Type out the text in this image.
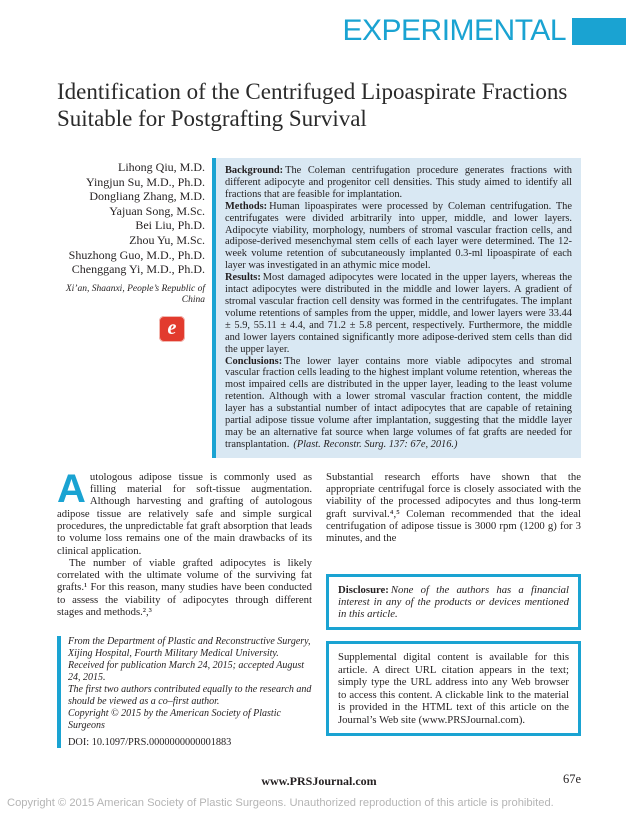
EXPERIMENTAL
Identification of the Centrifuged Lipoaspirate Fractions Suitable for Postgrafting Survival
Lihong Qiu, M.D.
Yingjun Su, M.D., Ph.D.
Dongliang Zhang, M.D.
Yajuan Song, M.Sc.
Bei Liu, Ph.D.
Zhou Yu, M.Sc.
Shuzhong Guo, M.D., Ph.D.
Chenggang Yi, M.D., Ph.D.
Xi’an, Shaanxi, People’s Republic of China
e

Background: The Coleman centrifugation procedure generates fractions with different adipocyte and progenitor cell densities. This study aimed to identify all fractions that are feasible for implantation.

Methods: Human lipoaspirates were processed by Coleman centrifugation. The centrifugates were divided arbitrarily into upper, middle, and lower layers. Adipocyte viability, morphology, numbers of stromal vascular fraction cells, and adipose-derived mesenchymal stem cells of each layer were determined. The 12-week volume retention of subcutaneously implanted 0.3-ml lipoaspirate of each layer was investigated in an athymic mice model.

Results: Most damaged adipocytes were located in the upper layers, whereas the intact adipocytes were distributed in the middle and lower layers. A gradient of stromal vascular fraction cell density was formed in the centrifugates. The implant volume retentions of samples from the upper, middle, and lower layers were 33.44 ± 5.9, 55.11 ± 4.4, and 71.2 ± 5.8 percent, respectively. Furthermore, the middle and lower layers contained significantly more adipose-derived stem cells than did the upper layer.

Conclusions: The lower layer contains more viable adipocytes and stromal vascular fraction cells leading to the highest implant volume retention, whereas the most impaired cells are distributed in the upper layer, leading to the least volume retention. Although with a lower stromal vascular fraction content, the middle layer has a substantial number of intact adipocytes that are capable of retaining partial adipose tissue volume after implantation, suggesting that the middle layer may be an alternative fat source when large volumes of fat grafts are needed for transplantation. (Plast. Reconstr. Surg. 137: 67e, 2016.)

Autologous adipose tissue is commonly used as filling material for soft-tissue augmentation. Although harvesting and grafting of autologous adipose tissue are relatively safe and simple surgical procedures, the unpredictable fat graft absorption that leads to volume loss remains one of the main drawbacks of its clinical application.

The number of viable grafted adipocytes is likely correlated with the ultimate volume of the surviving fat grafts.¹ For this reason, many studies have been conducted to assess the viability of adipocytes through different stages and methods.²,³

From the Department of Plastic and Reconstructive Surgery, Xijing Hospital, Fourth Military Medical University.
Received for publication March 24, 2015; accepted August 24, 2015.
The first two authors contributed equally to the research and should be viewed as a co–first author.
Copyright © 2015 by the American Society of Plastic Surgeons
DOI: 10.1097/PRS.0000000000001883

Substantial research efforts have shown that the appropriate centrifugal force is closely associated with the viability of the processed adipocytes and thus long-term graft survival.⁴,⁵ Coleman recommended that the ideal centrifugation of adipose tissue is 3000 rpm (1200 g) for 3 minutes, and the

Disclosure: None of the authors has a financial interest in any of the products or devices mentioned in this article.

Supplemental digital content is available for this article. A direct URL citation appears in the text; simply type the URL address into any Web browser to access this content. A clickable link to the material is provided in the HTML text of this article on the Journal’s Web site (www.PRSJournal.com).

www.PRSJournal.com	67e
Copyright © 2015 American Society of Plastic Surgeons. Unauthorized reproduction of this article is prohibited.
